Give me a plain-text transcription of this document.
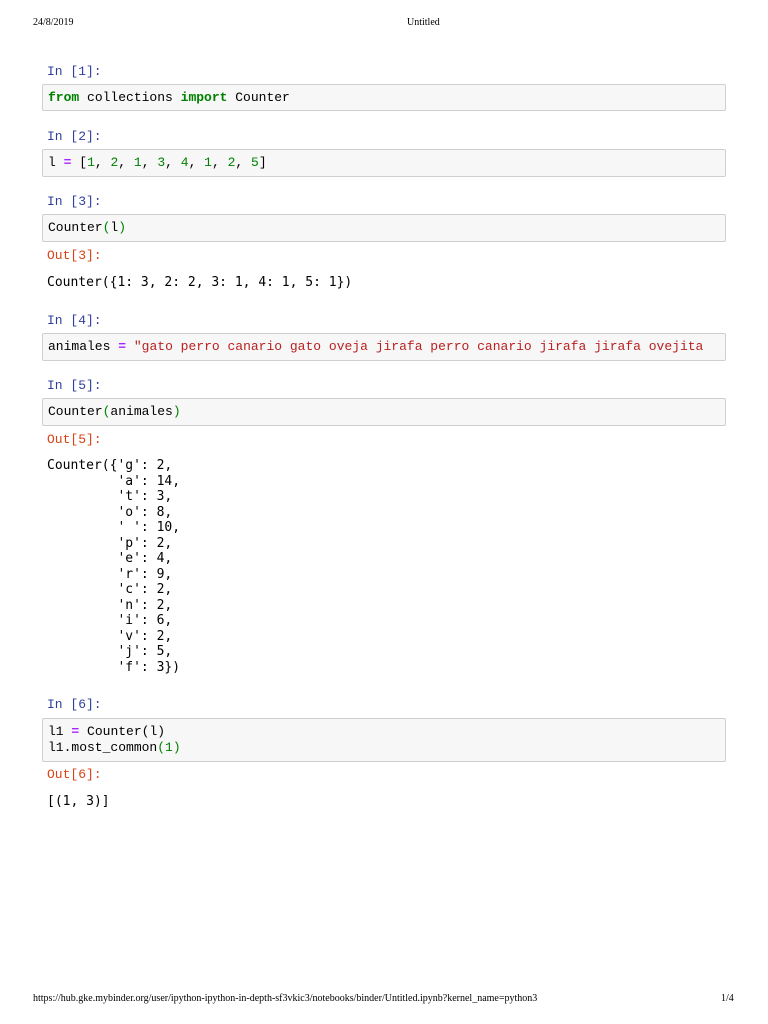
24/8/2019	Untitled
In [1]:
from collections import Counter
In [2]:
l = [1, 2, 1, 3, 4, 1, 2, 5]
In [3]:
Counter(l)
Out[3]:
Counter({1: 3, 2: 2, 3: 1, 4: 1, 5: 1})
In [4]:
animales = "gato perro canario gato oveja jirafa perro canario jirafa jirafa ovejita
In [5]:
Counter(animales)
Out[5]:
Counter({'g': 2,
'a': 14,
't': 3,
'o': 8,
' ': 10,
'p': 2,
'e': 4,
'r': 9,
'c': 2,
'n': 2,
'i': 6,
'v': 2,
'j': 5,
'f': 3})
In [6]:
l1 = Counter(l)
l1.most_common(1)
Out[6]:
[(1, 3)]
https://hub.gke.mybinder.org/user/ipython-ipython-in-depth-sf3vkic3/notebooks/binder/Untitled.ipynb?kernel_name=python3	1/4
